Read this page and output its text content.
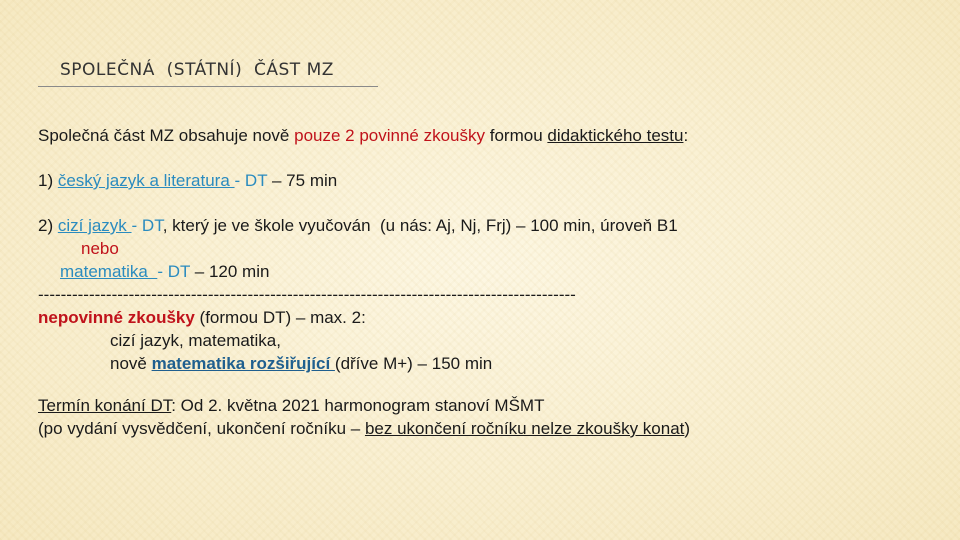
SPOLEČNÁ  (STÁTNÍ)  ČÁST MZ
Společná část MZ obsahuje nově pouze 2 povinné zkoušky formou didaktického testu:
1) český jazyk a literatura - DT – 75 min
2) cizí jazyk - DT, který je ve škole vyučován  (u nás: Aj, Nj, Frj) – 100 min, úroveň B1
nebo
matematika  - DT – 120 min
-----------------------------------------------------------------------------------------------
nepovinné zkoušky (formou DT) – max. 2:
cizí jazyk, matematika,
nově matematika rozšiřující (dříve M+) – 150 min
Termín konání DT: Od 2. května 2021 harmonogram stanoví MŠMT
(po vydání vysvědčení, ukončení ročníku – bez ukončení ročníku nelze zkoušky konat)
